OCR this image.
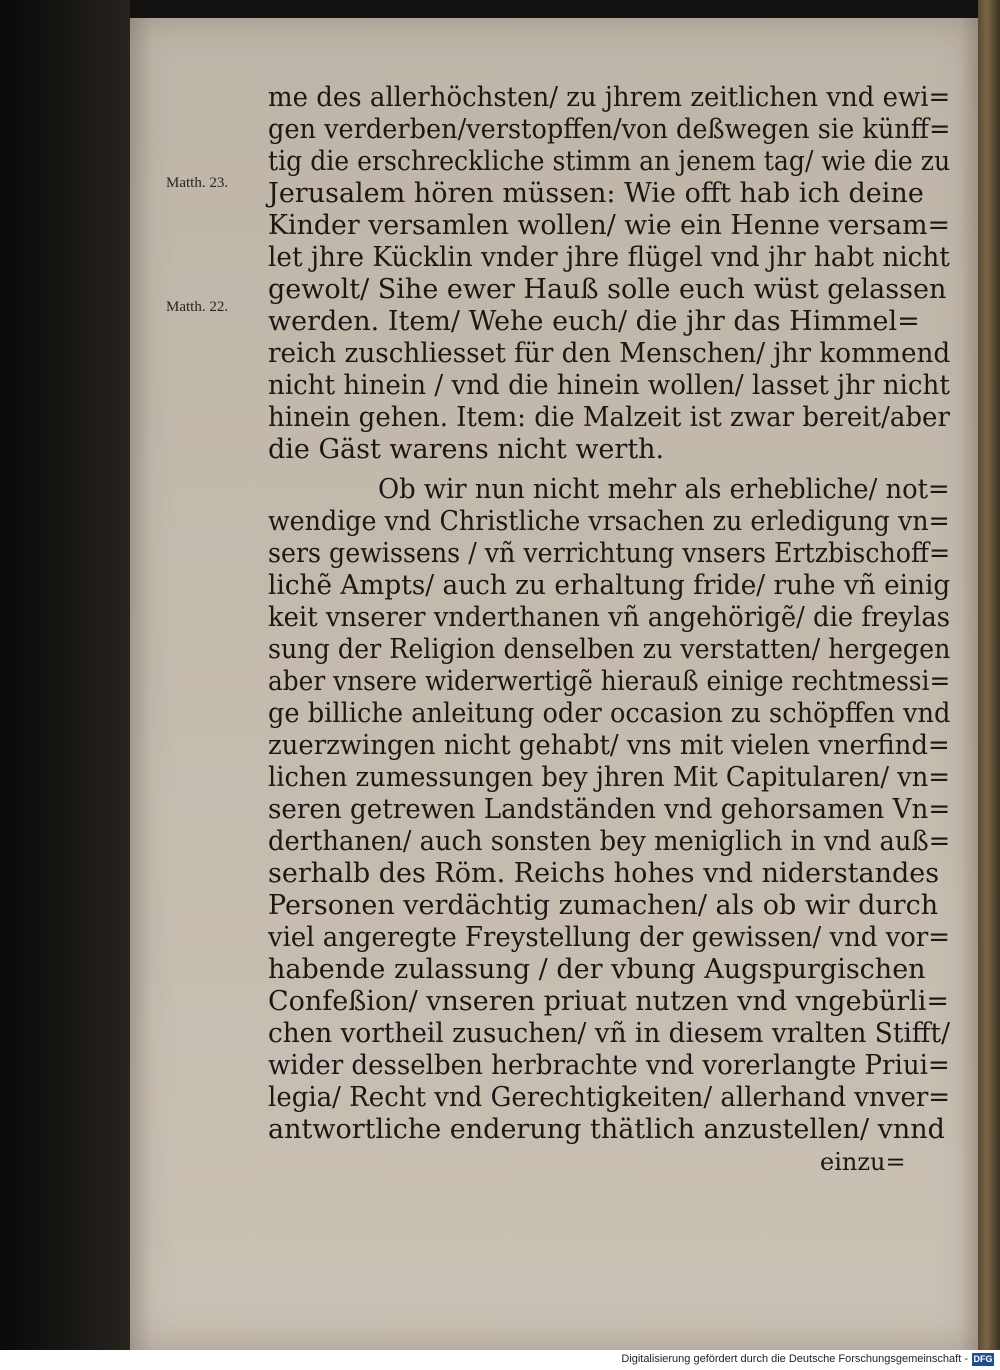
Matth. 23.
Matth. 22.
me des allerhöchsten/ zu jhrem zeitlichen vnd ewi=
gen verderben/verstopffen/von deßwegen sie künff=
tig die erschreckliche stimm an jenem tag/ wie die zu
Jerusalem hören müssen: Wie offt hab ich deine
Kinder versamlen wollen/ wie ein Henne versam=
let jhre Kücklin vnder jhre flügel vnd jhr habt nicht
gewolt/ Sihe ewer Hauß solle euch wüst gelassen
werden. Item/ Wehe euch/ die jhr das Himmel=
reich zuschliesset für den Menschen/ jhr kommend
nicht hinein / vnd die hinein wollen/ lasset jhr nicht
hinein gehen. Item: die Malzeit ist zwar bereit/aber
die Gäst warens nicht werth.
Ob wir nun nicht mehr als erhebliche/ not=
wendige vnd Christliche vrsachen zu erledigung vn=
sers gewissens / vñ verrichtung vnsers Ertzbischoff=
lichẽ Ampts/ auch zu erhaltung fride/ ruhe vñ einig
keit vnserer vnderthanen vñ angehörigẽ/ die freylas
sung der Religion denselben zu verstatten/ hergegen
aber vnsere widerwertigẽ hierauß einige rechtmessi=
ge billiche anleitung oder occasion zu schöpffen vnd
zuerzwingen nicht gehabt/ vns mit vielen vnerfind=
lichen zumessungen bey jhren Mit Capitularen/ vn=
seren getrewen Landständen vnd gehorsamen Vn=
derthanen/ auch sonsten bey meniglich in vnd auß=
serhalb des Röm. Reichs hohes vnd niderstandes
Personen verdächtig zumachen/ als ob wir durch
viel angeregte Freystellung der gewissen/ vnd vor=
habende zulassung / der vbung Augspurgischen
Confeßion/ vnseren priuat nutzen vnd vngebürli=
chen vortheil zusuchen/ vñ in diesem vralten Stifft/
wider desselben herbrachte vnd vorerlangte Priui=
legia/ Recht vnd Gerechtigkeiten/ allerhand vnver=
antwortliche enderung thätlich anzustellen/ vnnd
einzu=
Digitalisierung gefördert durch die Deutsche Forschungsgemeinschaft - DFG
